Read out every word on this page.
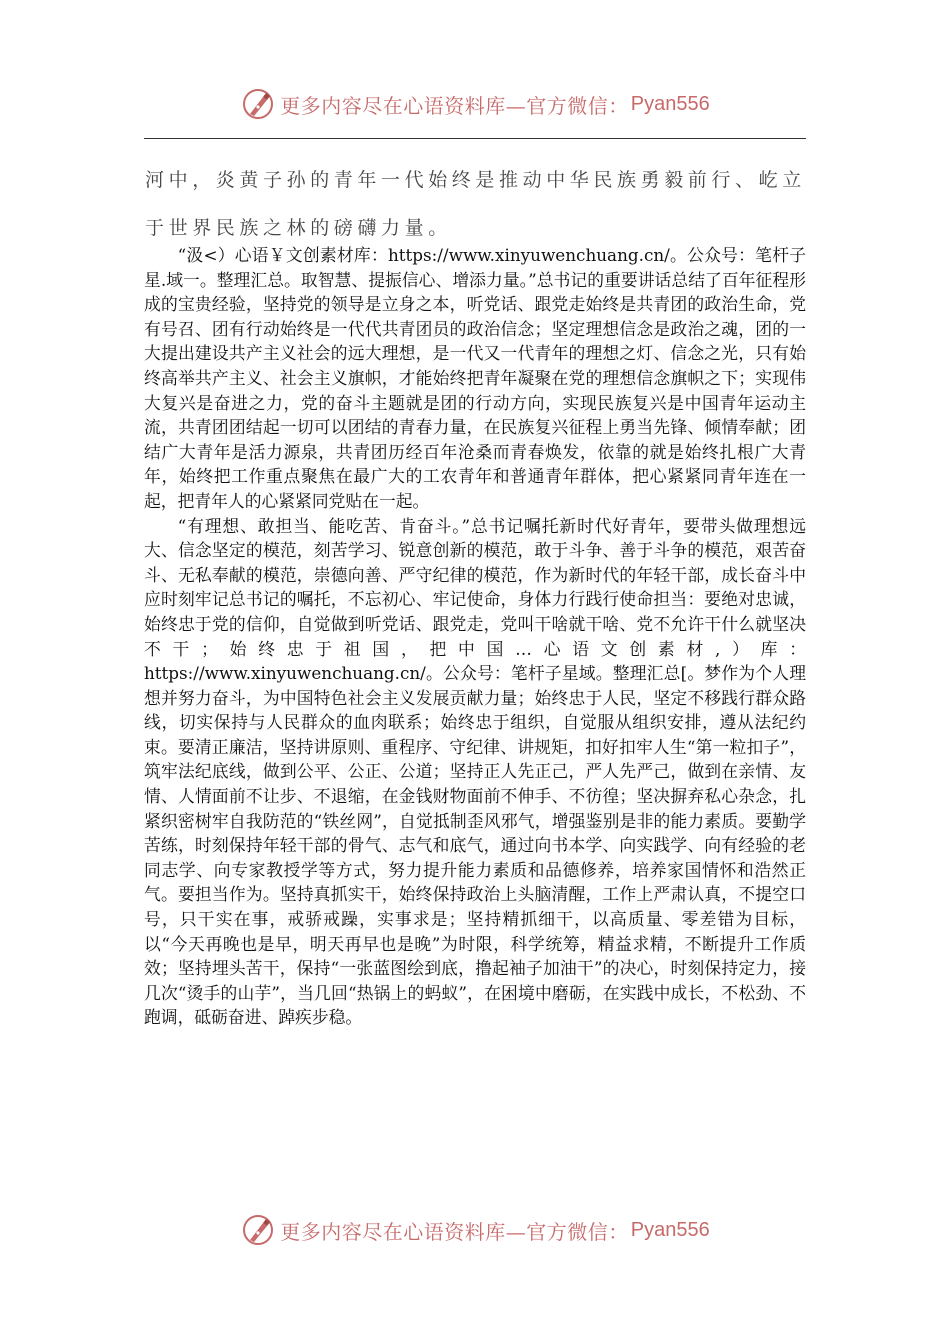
更多内容尽在心语资料库—官方微信： Pyan556

河中，炎黄子孙的青年一代始终是推动中华民族勇毅前行、屹立于世界民族之林的磅礴力量。

“汲<）心语￥文创素材库：https://www.xinyuwenchuang.cn/。公众号：笔杆子星.域一。整理汇总。取智慧、提振信心、增添力量。”总书记的重要讲话总结了百年征程形成的宝贵经验，坚持党的领导是立身之本，听党话、跟党走始终是共青团的政治生命，党有号召、团有行动始终是一代代共青团员的政治信念；坚定理想信念是政治之魂，团的一大提出建设共产主义社会的远大理想，是一代又一代青年的理想之灯、信念之光，只有始终高举共产主义、社会主义旗帜，才能始终把青年凝聚在党的理想信念旗帜之下；实现伟大复兴是奋进之力，党的奋斗主题就是团的行动方向，实现民族复兴是中国青年运动主流，共青团团结起一切可以团结的青春力量，在民族复兴征程上勇当先锋、倾情奉献；团结广大青年是活力源泉，共青团历经百年沧桑而青春焕发，依靠的就是始终扎根广大青年，始终把工作重点聚焦在最广大的工农青年和普通青年群体，把心紧紧同青年连在一起，把青年人的心紧紧同党贴在一起。

“有理想、敢担当、能吃苦、肯奋斗。”总书记嘱托新时代好青年，要带头做理想远大、信念坚定的模范，刻苦学习、锐意创新的模范，敢于斗争、善于斗争的模范，艰苦奋斗、无私奉献的模范，崇德向善、严守纪律的模范，作为新时代的年轻干部，成长奋斗中应时刻牢记总书记的嘱托，不忘初心、牢记使命，身体力行践行使命担当：要绝对忠诚，始终忠于党的信仰，自觉做到听党话、跟党走，党叫干啥就干啥、党不允许干什么就坚决不干；始终忠于祖国，把中国…心语文创素材,）库：https://www.xinyuwenchuang.cn/。公众号：笔杆子星域。整理汇总[。梦作为个人理想并努力奋斗，为中国特色社会主义发展贡献力量；始终忠于人民，坚定不移践行群众路线，切实保持与人民群众的血肉联系；始终忠于组织，自觉服从组织安排，遵从法纪约束。要清正廉洁，坚持讲原则、重程序、守纪律、讲规矩，扣好扣牢人生“第一粒扣子”，筑牢法纪底线，做到公平、公正、公道；坚持正人先正己，严人先严己，做到在亲情、友情、人情面前不让步、不退缩，在金钱财物面前不伸手、不彷徨；坚决摒弃私心杂念，扎紧织密树牢自我防范的“铁丝网”，自觉抵制歪风邪气，增强鉴别是非的能力素质。要勤学苦练，时刻保持年轻干部的骨气、志气和底气，通过向书本学、向实践学、向有经验的老同志学、向专家教授学等方式，努力提升能力素质和品德修养，培养家国情怀和浩然正气。要担当作为。坚持真抓实干，始终保持政治上头脑清醒，工作上严肃认真，不提空口号，只干实在事，戒骄戒躁，实事求是；坚持精抓细干，以高质量、零差错为目标，以“今天再晚也是早，明天再早也是晚”为时限，科学统筹，精益求精，不断提升工作质效；坚持埋头苦干，保持“一张蓝图绘到底，撸起袖子加油干”的决心，时刻保持定力，接几次“烫手的山芋”，当几回“热锅上的蚂蚁”，在困境中磨砺，在实践中成长，不松劲、不跑调，砥砺奋进、踔疾步稳。

更多内容尽在心语资料库—官方微信： Pyan556
